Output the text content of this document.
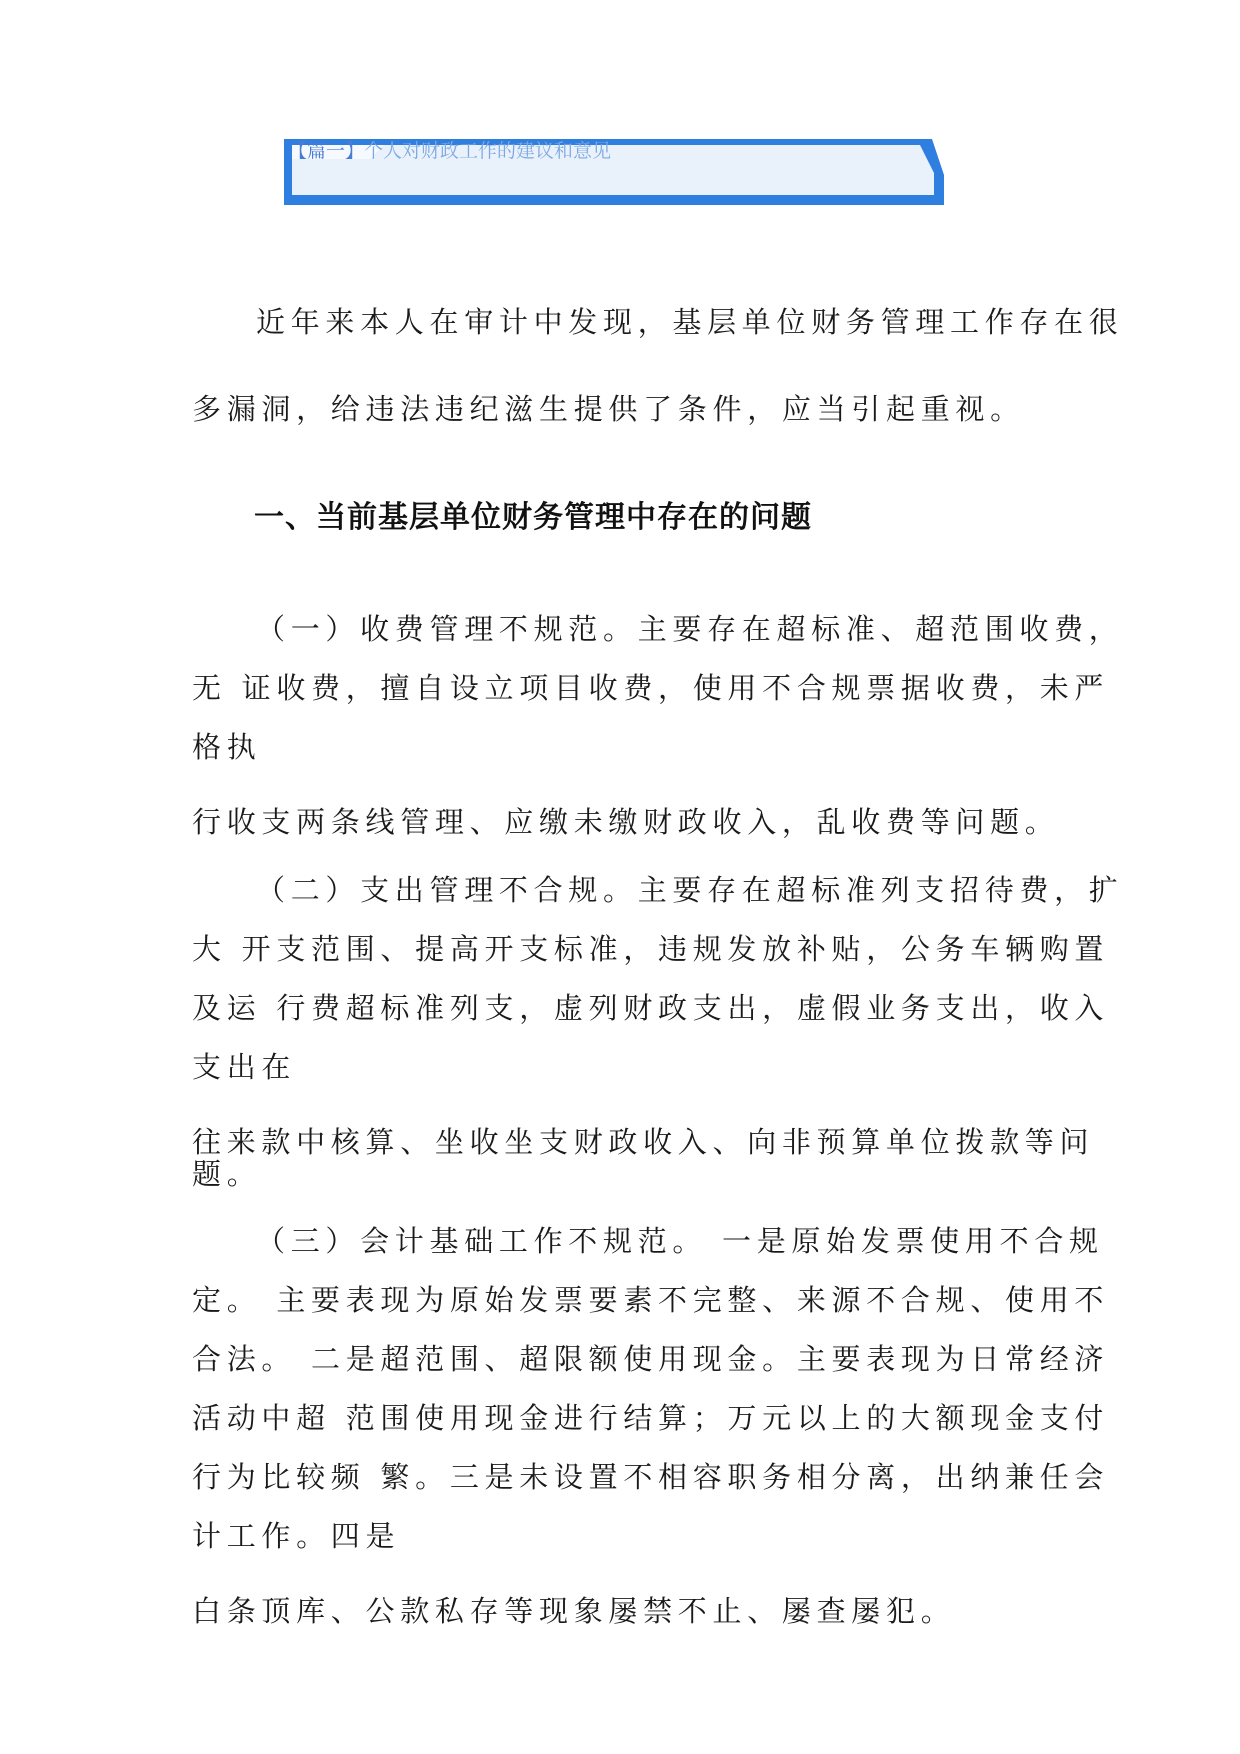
【篇一】个人对财政工作的建议和意见
近年来本人在审计中发现，基层单位财务管理工作存在很
多漏洞，给违法违纪滋生提供了条件，应当引起重视。
一、当前基层单位财务管理中存在的问题
（一）收费管理不规范。主要存在超标准、超范围收费，
无 证收费，擅自设立项目收费，使用不合规票据收费，未严
格执
行收支两条线管理、应缴未缴财政收入，乱收费等问题。
（二）支出管理不合规。主要存在超标准列支招待费，扩
大 开支范围、提高开支标准，违规发放补贴，公务车辆购置
及运 行费超标准列支，虚列财政支出，虚假业务支出，收入
支出在
往来款中核算、坐收坐支财政收入、向非预算单位拨款等问
题。
（三）会计基础工作不规范。 一是原始发票使用不合规
定。 主要表现为原始发票要素不完整、来源不合规、使用不
合法。 二是超范围、超限额使用现金。主要表现为日常经济
活动中超 范围使用现金进行结算；万元以上的大额现金支付
行为比较频 繁。三是未设置不相容职务相分离，出纳兼任会
计工作。四是
白条顶库、公款私存等现象屡禁不止、屡查屡犯。
